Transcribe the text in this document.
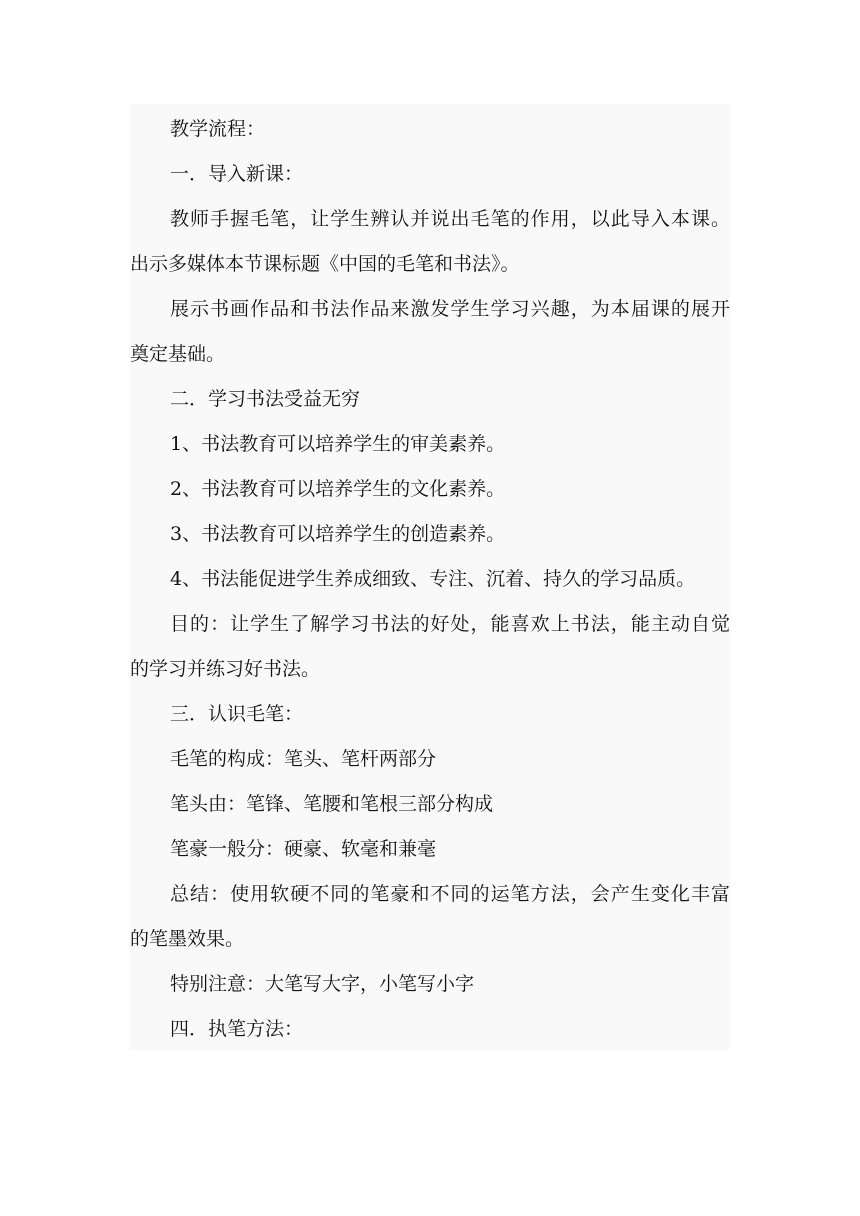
教学流程：
一．导入新课：
教师手握毛笔，让学生辨认并说出毛笔的作用，以此导入本课。
出示多媒体本节课标题《中国的毛笔和书法》。
展示书画作品和书法作品来激发学生学习兴趣，为本届课的展开
奠定基础。
二．学习书法受益无穷
1、书法教育可以培养学生的审美素养。
2、书法教育可以培养学生的文化素养。
3、书法教育可以培养学生的创造素养。
4、书法能促进学生养成细致、专注、沉着、持久的学习品质。
目的：让学生了解学习书法的好处，能喜欢上书法，能主动自觉
的学习并练习好书法。
三．认识毛笔：
毛笔的构成：笔头、笔杆两部分
笔头由：笔锋、笔腰和笔根三部分构成
笔豪一般分：硬豪、软毫和兼毫
总结：使用软硬不同的笔豪和不同的运笔方法，会产生变化丰富
的笔墨效果。
特别注意：大笔写大字，小笔写小字
四．执笔方法：
